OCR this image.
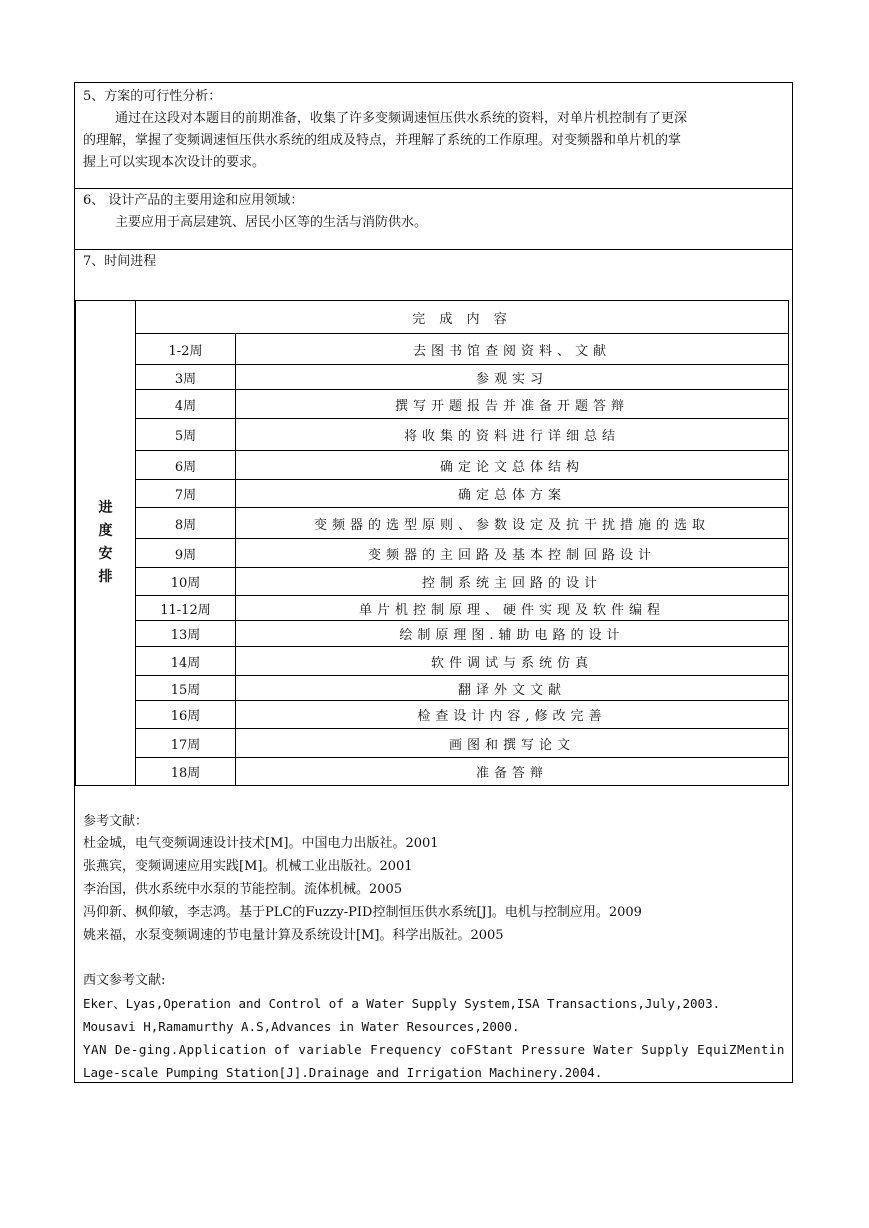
5、方案的可行性分析：
通过在这段对本题目的前期准备，收集了许多变频调速恒压供水系统的资料，对单片机控制有了更深
的理解，掌握了变频调速恒压供水系统的组成及特点，并理解了系统的工作原理。对变频器和单片机的掌
握上可以实现本次设计的要求。
6、 设计产品的主要用途和应用领域：
主要应用于高层建筑、居民小区等的生活与消防供水。
7、时间进程
进
度
安
排	完 成 内 容	
	1-2周	去图书馆查阅资料、文献
	3周	参观实习
	4周	撰写开题报告并准备开题答辩
	5周	将收集的资料进行详细总结
	6周	确定论文总体结构
	7周	确定总体方案
	8周	变频器的选型原则、参数设定及抗干扰措施的选取
	9周	变频器的主回路及基本控制回路设计
	10周	控制系统主回路的设计
	11-12周	单片机控制原理、硬件实现及软件编程
	13周	绘制原理图.辅助电路的设计
	14周	软件调试与系统仿真
	15周	翻译外文文献
	16周	检查设计内容,修改完善
	17周	画图和撰写论文
	18周	准备答辩
参考文献：
杜金城，电气变频调速设计技术[M]。中国电力出版社。2001
张燕宾，变频调速应用实践[M]。机械工业出版社。2001
李治国，供水系统中水泵的节能控制。流体机械。2005
冯仰新、枫仰敏，李志鸿。基于PLC的Fuzzy-PID控制恒压供水系统[J]。电机与控制应用。2009
姚来福，水泵变频调速的节电量计算及系统设计[M]。科学出版社。2005
西文参考文献:
Eker、Lyas,Operation and Control of a Water Supply System,ISA Transactions,July,2003.
Mousavi H,Ramamurthy A.S,Advances in Water Resources,2000.
YAN De-ging.Application of variable Frequency coFStant Pressure Water Supply EquiZMentin
Lage-scale Pumping Station[J].Drainage and Irrigation Machinery.2004.
